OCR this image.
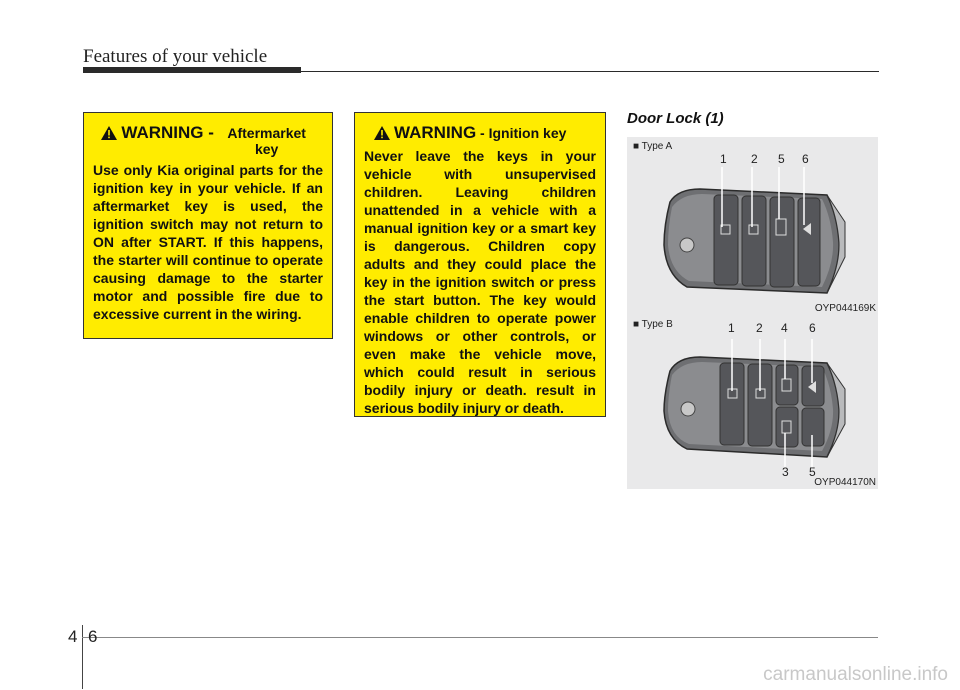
Features of your vehicle
WARNING - Aftermarket key
Use only Kia original parts for the ignition key in your vehicle. If an aftermarket key is used, the ignition switch may not return to ON after START. If this happens, the starter will continue to operate causing damage to the starter motor and possible fire due to excessive current in the wiring.
WARNING - Ignition key
Never leave the keys in your vehicle with unsupervised children. Leaving children unattended in a vehicle with a manual ignition key or a smart key is dangerous. Children copy adults and they could place the key in the ignition switch or press the start button. The key would enable children to operate power windows or other controls, or even make the vehicle move, which could result in serious bodily injury or death. result in serious bodily injury or death.
Door Lock (1)
■ Type A
1 2 5 6
OYP044169K
■ Type B	1 2 4 6
3 5
OYP044170N
4 6
carmanualsonline.info
